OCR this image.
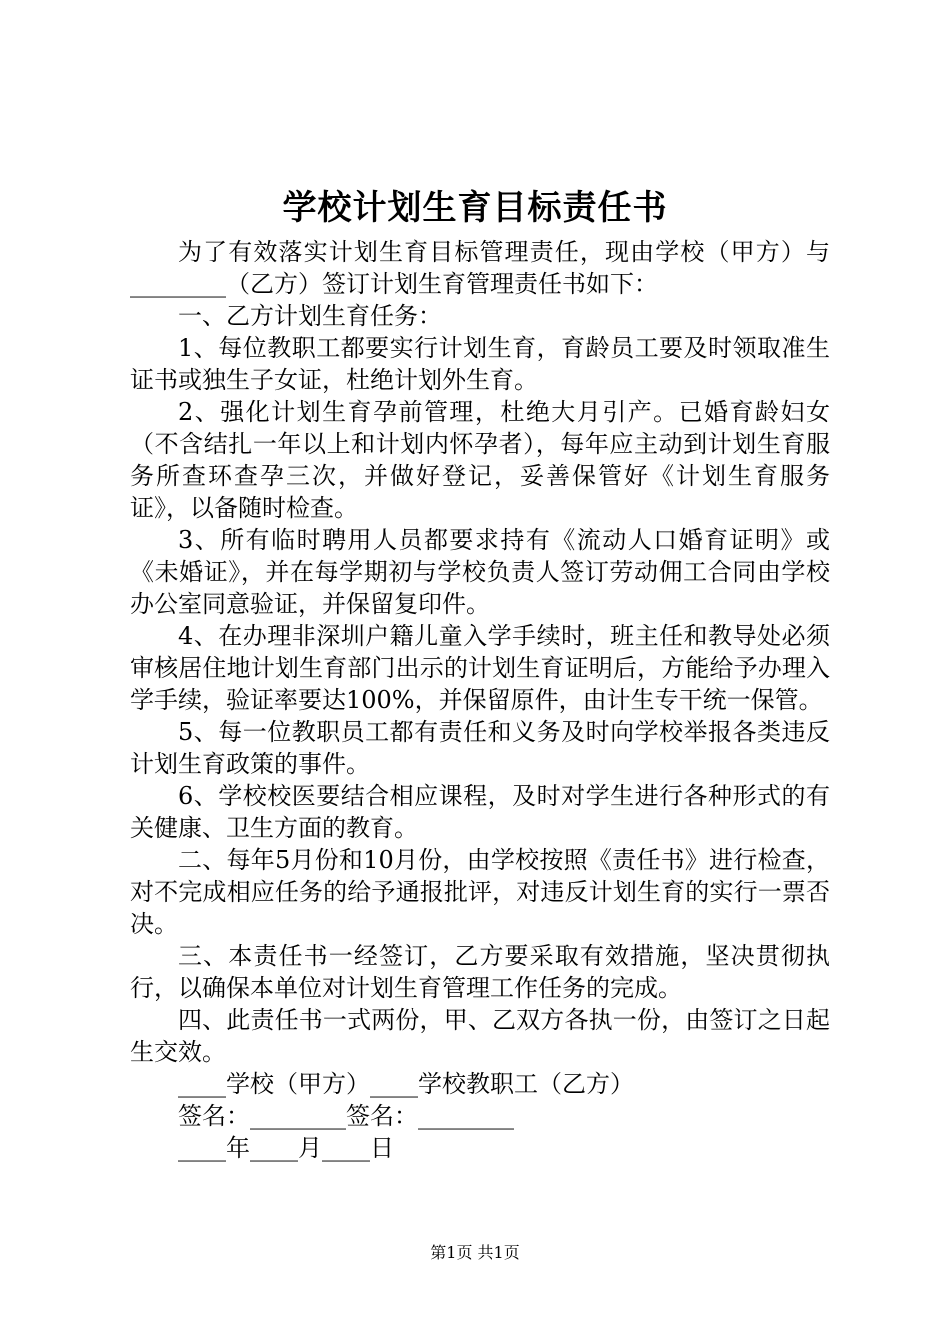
学校计划生育目标责任书

为了有效落实计划生育目标管理责任，现由学校（甲方）与________（乙方）签订计划生育管理责任书如下：

一、乙方计划生育任务：

1、每位教职工都要实行计划生育，育龄员工要及时领取准生证书或独生子女证，杜绝计划外生育。

2、强化计划生育孕前管理，杜绝大月引产。已婚育龄妇女（不含结扎一年以上和计划内怀孕者），每年应主动到计划生育服务所查环查孕三次，并做好登记，妥善保管好《计划生育服务证》，以备随时检查。

3、所有临时聘用人员都要求持有《流动人口婚育证明》或《未婚证》，并在每学期初与学校负责人签订劳动佣工合同由学校办公室同意验证，并保留复印件。

4、在办理非深圳户籍儿童入学手续时，班主任和教导处必须审核居住地计划生育部门出示的计划生育证明后，方能给予办理入学手续，验证率要达100%，并保留原件，由计生专干统一保管。

5、每一位教职员工都有责任和义务及时向学校举报各类违反计划生育政策的事件。

6、学校校医要结合相应课程，及时对学生进行各种形式的有关健康、卫生方面的教育。

二、每年5月份和10月份，由学校按照《责任书》进行检查，对不完成相应任务的给予通报批评，对违反计划生育的实行一票否决。

三、本责任书一经签订，乙方要采取有效措施，坚决贯彻执行，以确保本单位对计划生育管理工作任务的完成。

四、此责任书一式两份，甲、乙双方各执一份，由签订之日起生交效。

____学校（甲方）____学校教职工（乙方）

签名：________签名：________

____年____月____日

第1页 共1页
